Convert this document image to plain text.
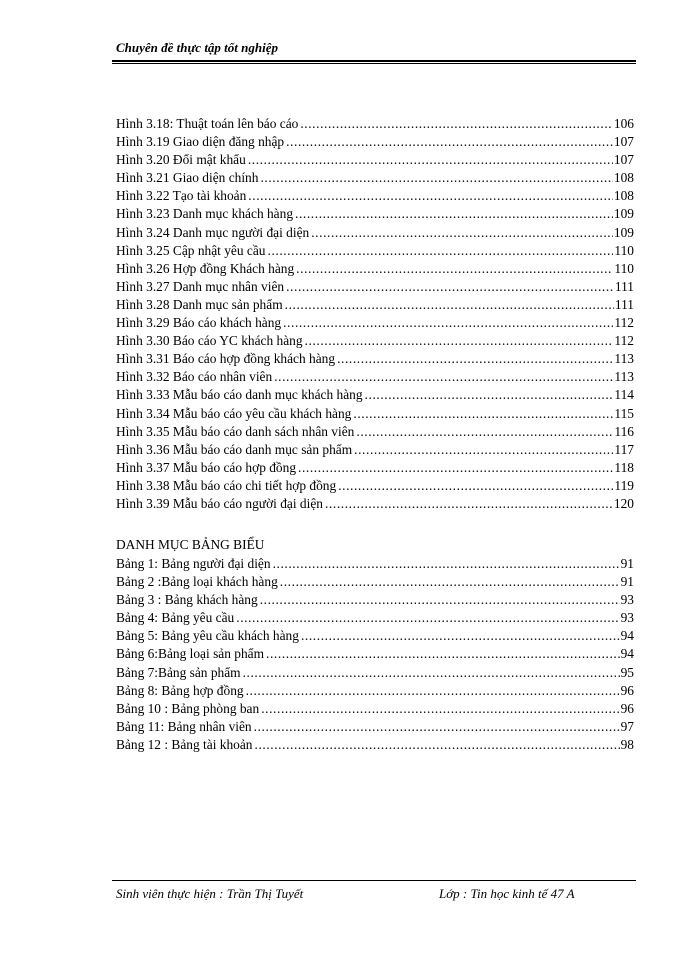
Chuyên đề thực tập tốt nghiệp
Hình 3.18: Thuật toán lên báo cáo .....	106
Hình 3.19 Giao diện đăng nhập .....	107
Hình 3.20 Đổi mật khẩu .....	107
Hình 3.21 Giao diện chính .....	108
Hình 3.22 Tạo tài khoản .....	108
Hình 3.23 Danh mục khách hàng .....	109
Hình 3.24 Danh mục người đại diện .....	109
Hình 3.25 Cập nhật yêu cầu .....	110
Hình 3.26 Hợp đồng Khách hàng .....	110
Hình 3.27 Danh mục nhân viên .....	111
Hình 3.28 Danh mục sản phẩm .....	111
Hình 3.29 Báo cáo khách hàng .....	112
Hình 3.30 Báo cáo YC khách hàng .....	112
Hình 3.31 Báo cáo hợp đồng khách hàng .....	113
Hình 3.32 Báo cáo nhân viên .....	113
Hình 3.33 Mẫu báo cáo danh mục khách hàng .....	114
Hình 3.34 Mẫu báo cáo yêu cầu khách hàng .....	115
Hình 3.35 Mẫu báo cáo danh sách nhân viên .....	116
Hình 3.36 Mẫu báo cáo danh mục sản phẩm .....	117
Hình 3.37 Mẫu báo cáo hợp đồng .....	118
Hình 3.38 Mẫu báo cáo chi tiết hợp đồng .....	119
Hình 3.39 Mẫu báo cáo người đại diện .....	120
DANH MỤC BẢNG BIỂU
Bảng 1: Bảng người đại diện .....	91
Bảng 2 :Bảng loại khách hàng .....	91
Bảng 3 : Bảng khách hàng .....	93
Bảng 4: Bảng yêu cầu .....	93
Bảng 5: Bảng yêu cầu khách hàng .....	94
Bảng 6:Bảng loại sản phẩm .....	94
Bảng 7:Bảng sản phẩm .....	95
Bảng 8: Bảng hợp đồng .....	96
Bảng 10 : Bảng phòng ban .....	96
Bảng 11: Bảng nhân viên .....	97
Bảng 12 : Bảng tài khoản .....	98
Sinh viên thực hiện : Trần Thị Tuyết	Lớp : Tin học kinh tế 47 A
